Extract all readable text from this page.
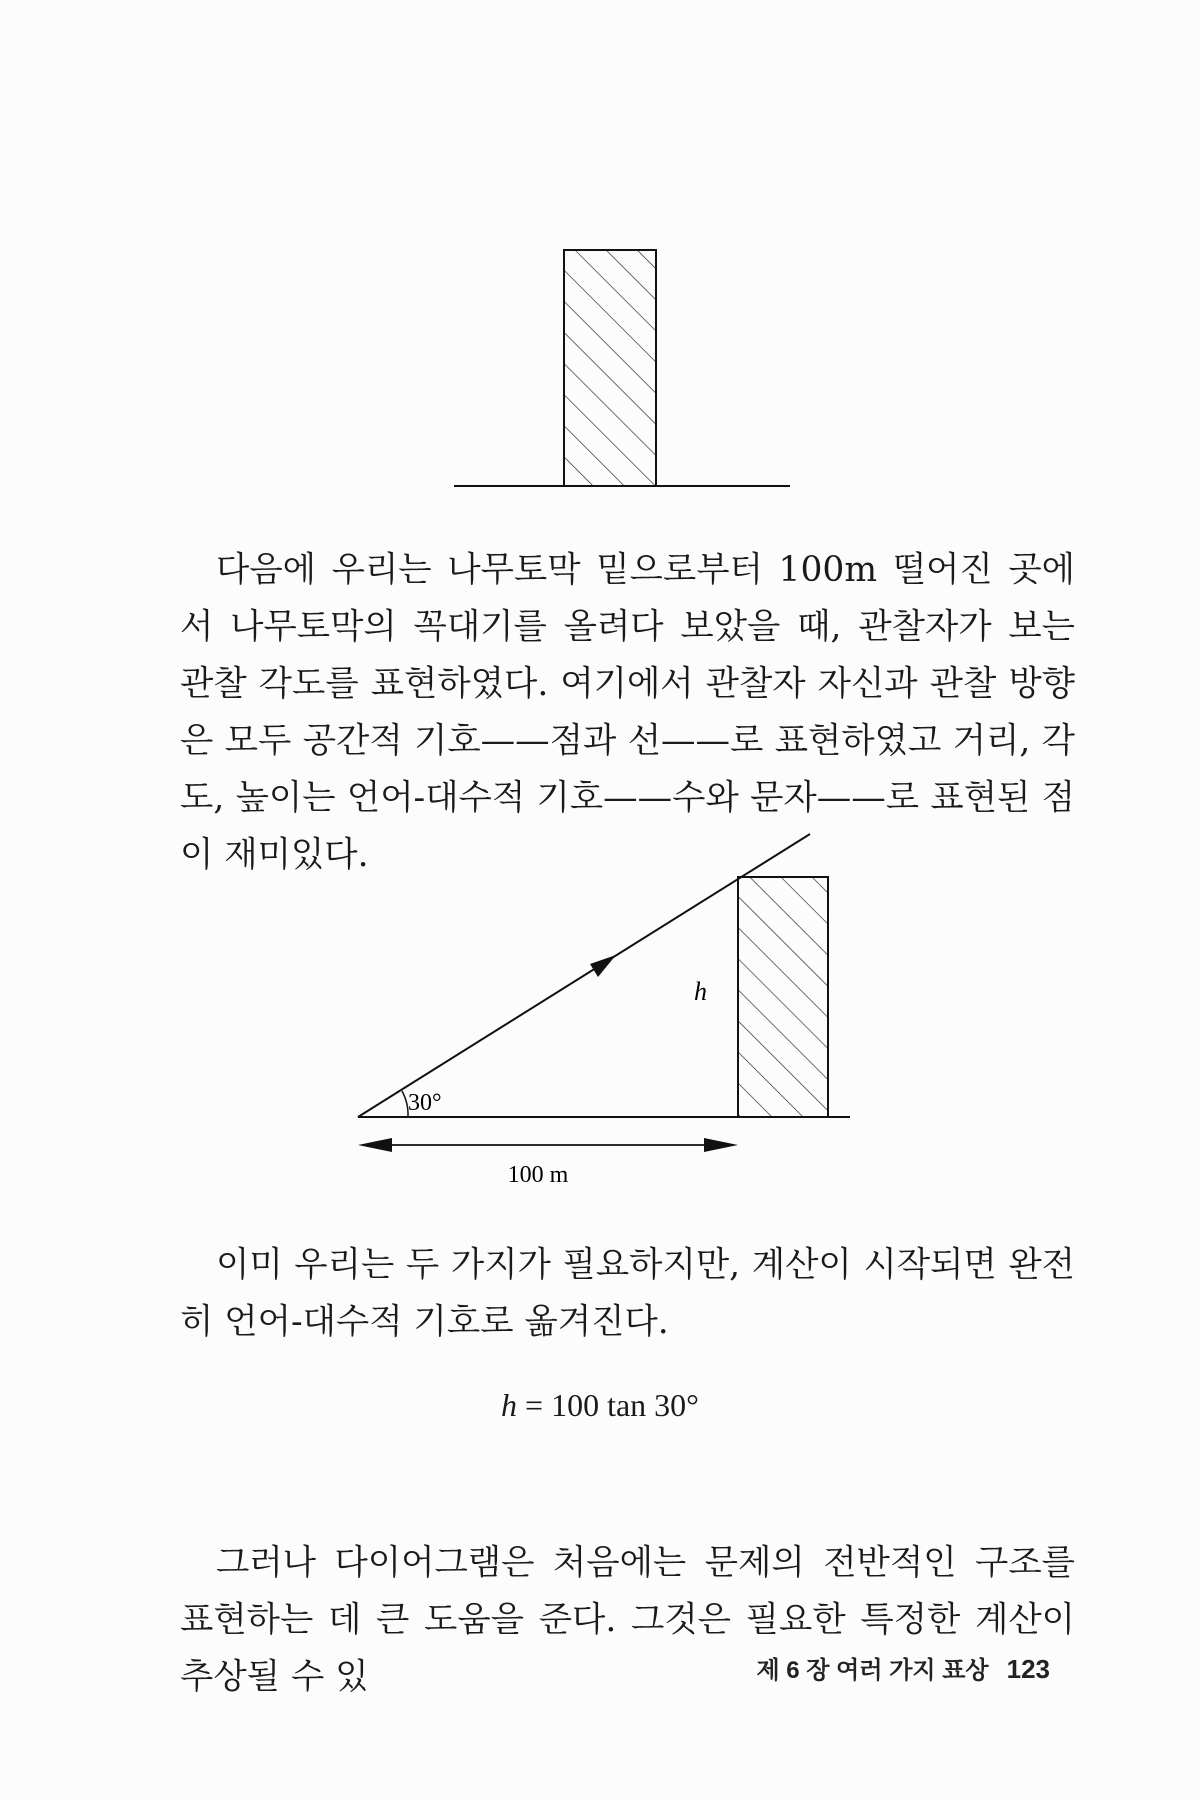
다음에 우리는 나무토막 밑으로부터 100m 떨어진 곳에서 나무토막의 꼭대기를 올려다 보았을 때, 관찰자가 보는 관찰 각도를 표현하였다. 여기에서 관찰자 자신과 관찰 방향은 모두 공간적 기호——점과 선——로 표현하였고 거리, 각도, 높이는 언어-대수적 기호——수와 문자——로 표현된 점이 재미있다.

30°
h
100 m

이미 우리는 두 가지가 필요하지만, 계산이 시작되면 완전히 언어-대수적 기호로 옮겨진다.

h = 100 tan 30°

그러나 다이어그램은 처음에는 문제의 전반적인 구조를 표현하는 데 큰 도움을 준다. 그것은 필요한 특정한 계산이 추상될 수 있	제 6 장 여러 가지 표상 123
